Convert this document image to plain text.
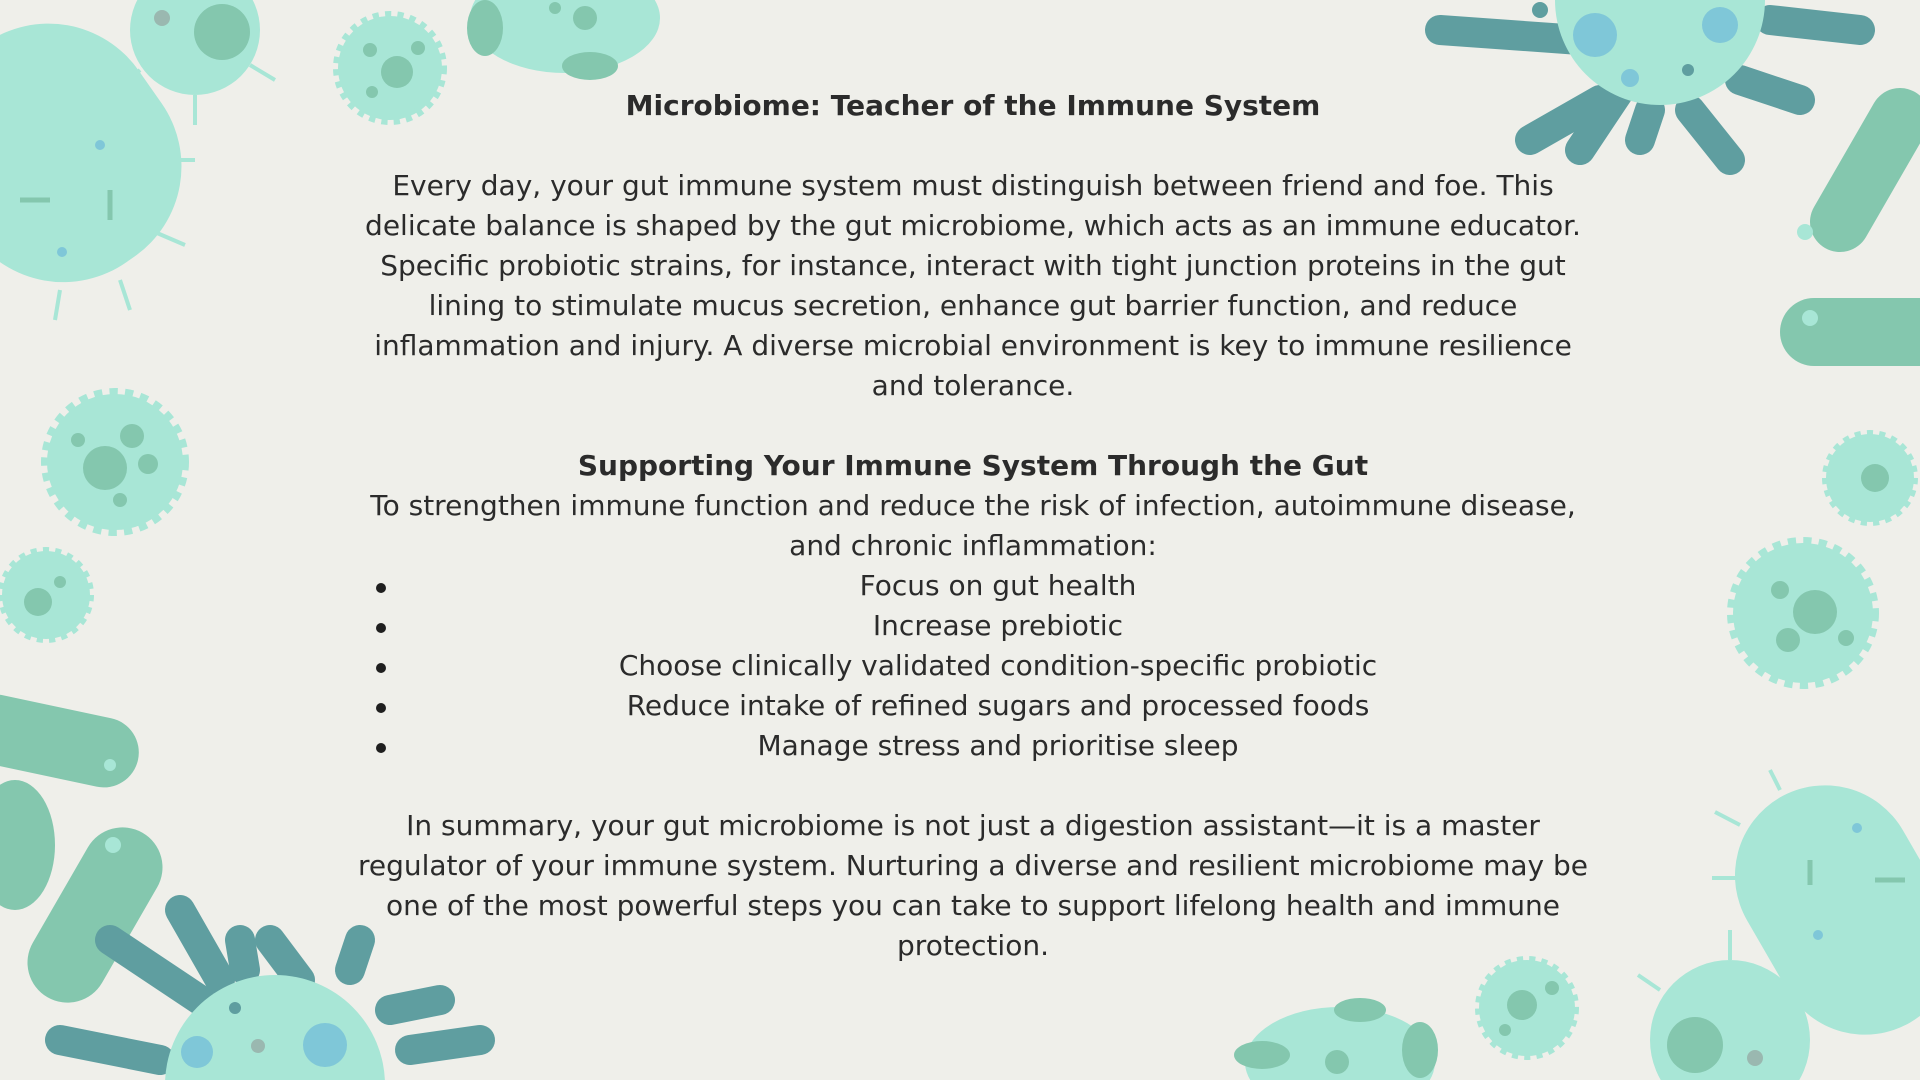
Microbiome: Teacher of the Immune System

Every day, your gut immune system must distinguish between friend and foe. This delicate balance is shaped by the gut microbiome, which acts as an immune educator. Specific probiotic strains, for instance, interact with tight junction proteins in the gut lining to stimulate mucus secretion, enhance gut barrier function, and reduce inflammation and injury. A diverse microbial environment is key to immune resilience and tolerance.

Supporting Your Immune System Through the Gut

To strengthen immune function and reduce the risk of infection, autoimmune disease, and chronic inflammation:

Focus on gut health
Increase prebiotic
Choose clinically validated condition-specific probiotic
Reduce intake of refined sugars and processed foods
Manage stress and prioritise sleep

In summary, your gut microbiome is not just a digestion assistant—it is a master regulator of your immune system. Nurturing a diverse and resilient microbiome may be one of the most powerful steps you can take to support lifelong health and immune protection.
